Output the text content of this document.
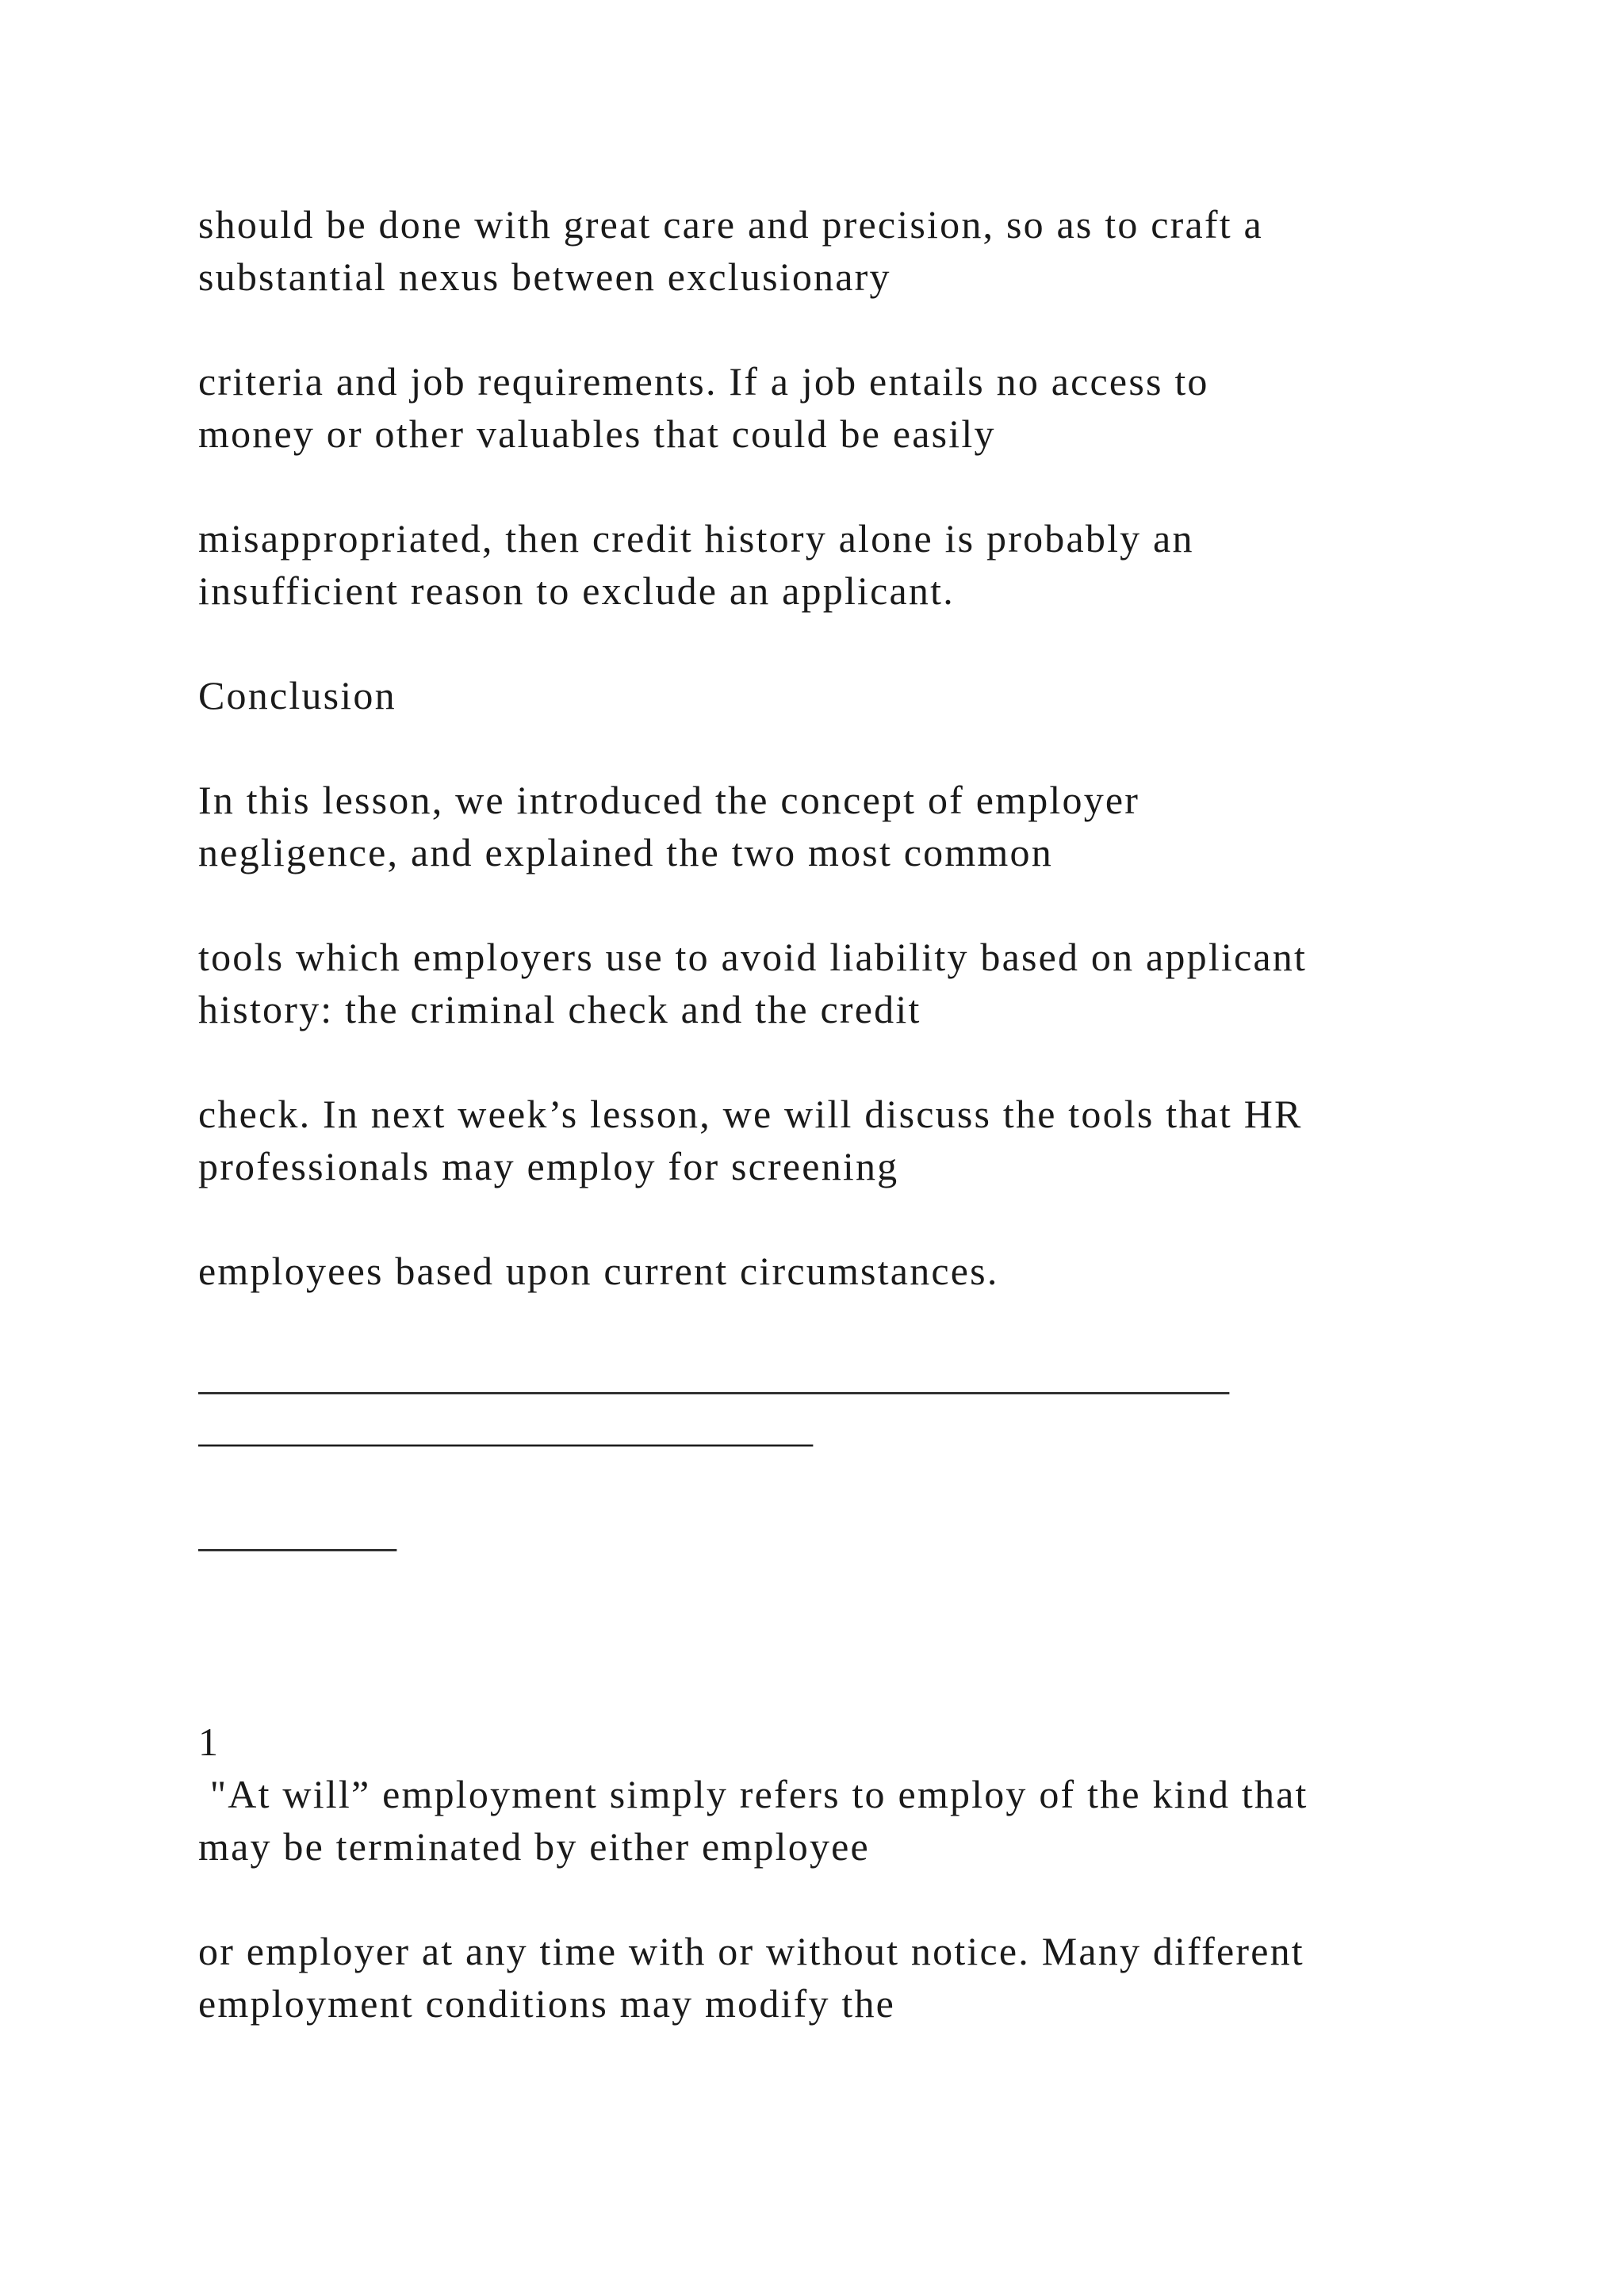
should be done with great care and precision, so as to craft a
substantial nexus between exclusionary
criteria and job requirements. If a job entails no access to
money or other valuables that could be easily
misappropriated, then credit history alone is probably an
insufficient reason to exclude an applicant.
Conclusion
In this lesson, we introduced the concept of employer
negligence, and explained the two most common
tools which employers use to avoid liability based on applicant
history: the criminal check and the credit
check. In next week’s lesson, we will discuss the tools that HR
professionals may employ for screening
employees based upon current circumstances.
____________________________________________________
_______________________________
__________
1
"At will” employment simply refers to employ of the kind that
may be terminated by either employee
or employer at any time with or without notice. Many different
employment conditions may modify the
